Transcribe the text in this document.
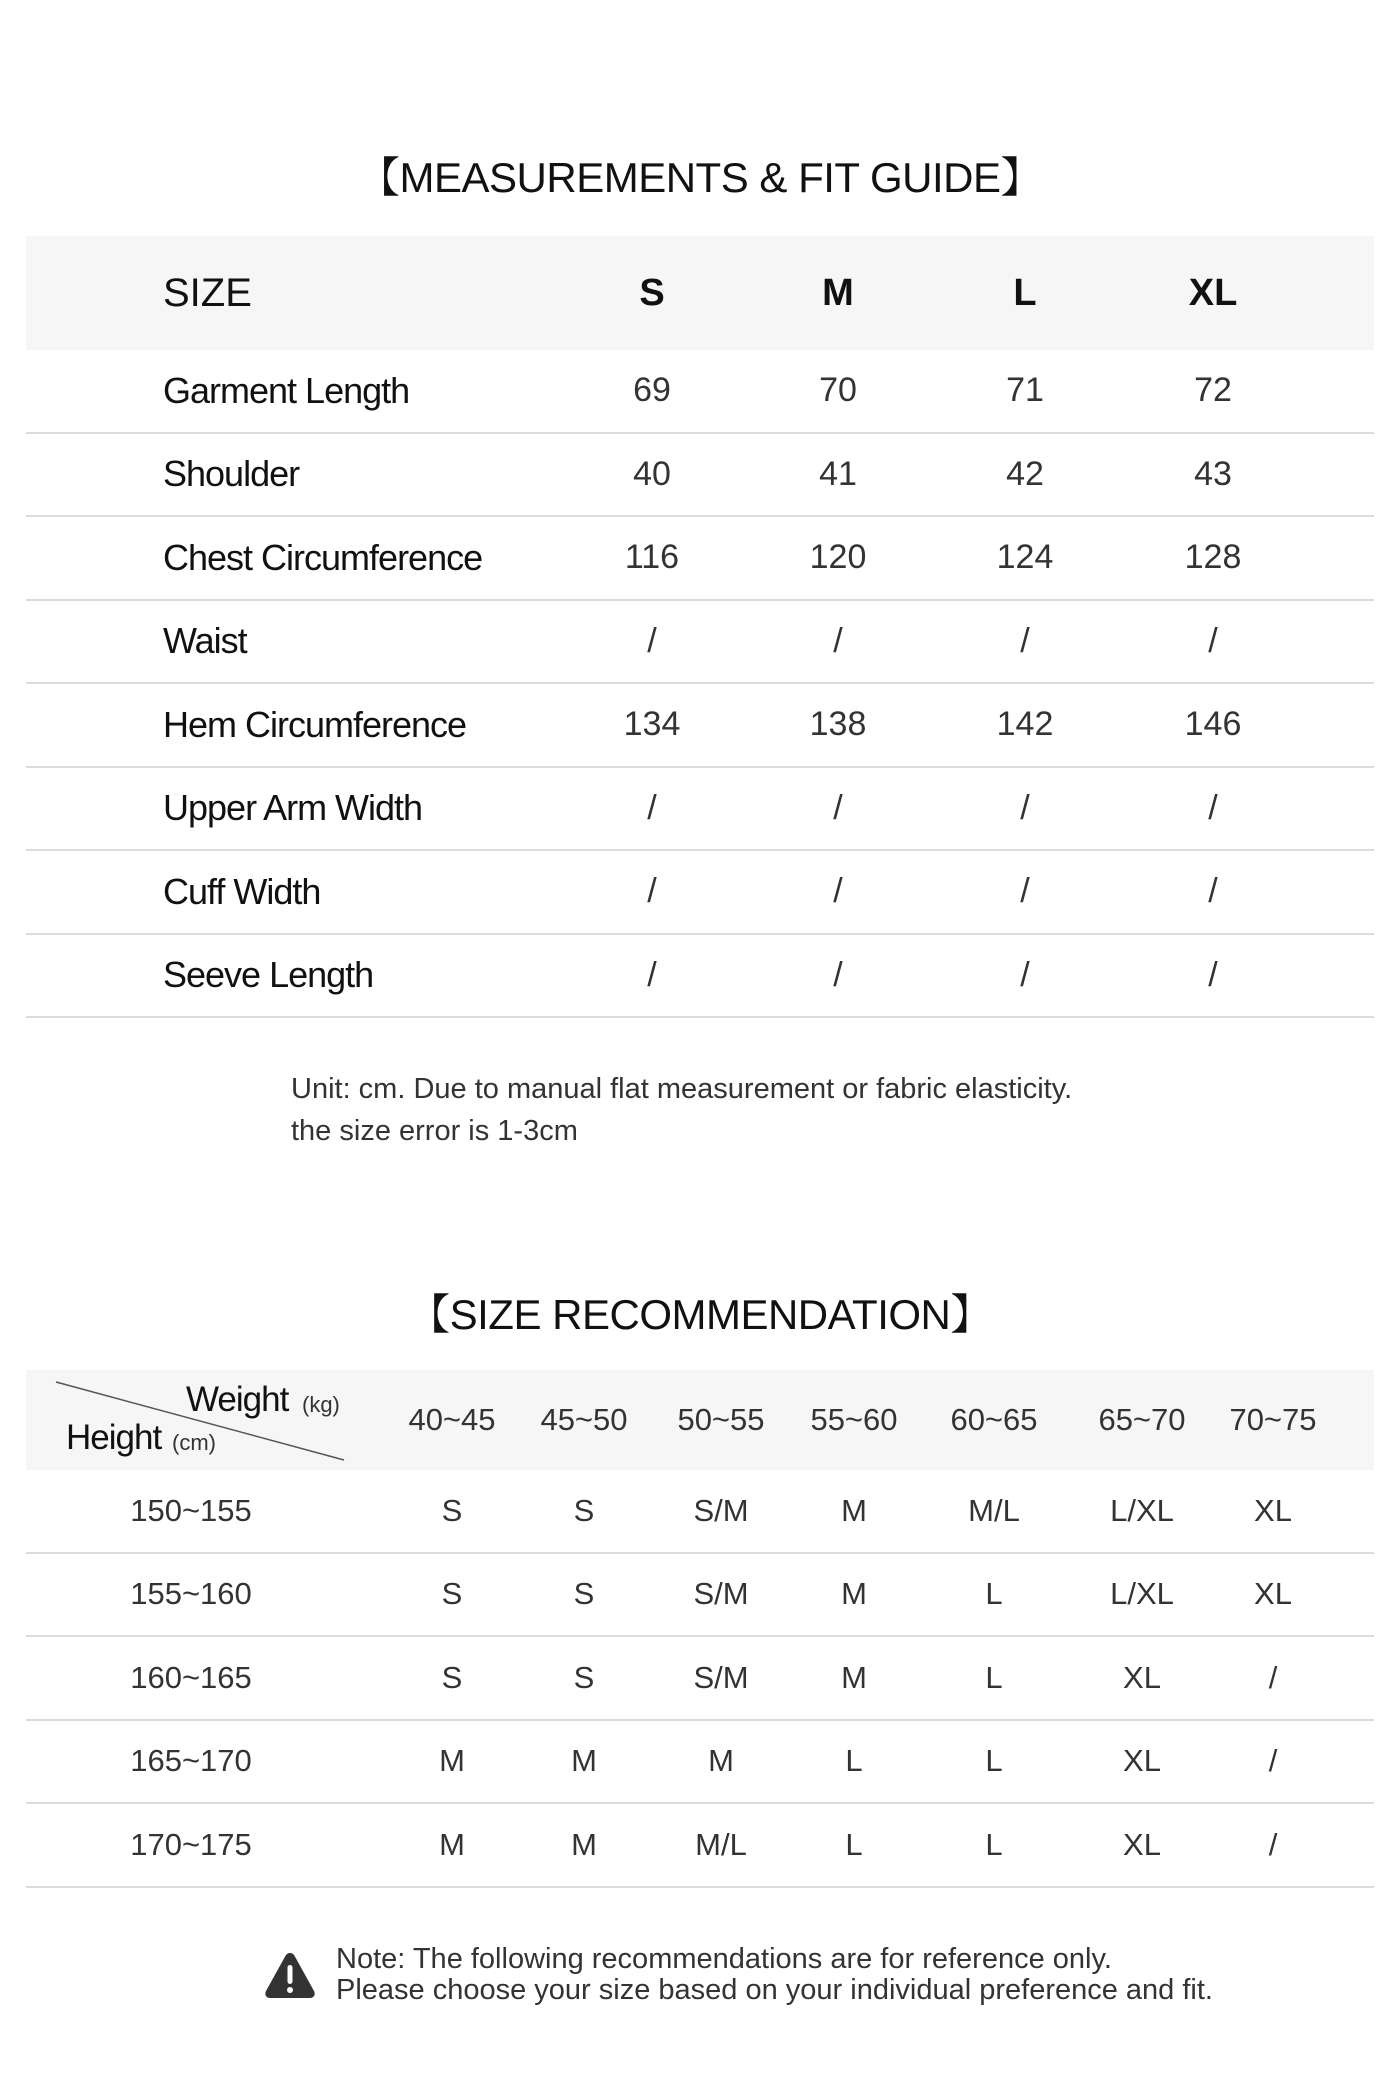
【MEASUREMENTS & FIT GUIDE】
SIZE	S	M	L	XL
Garment Length	69	70	71	72
Shoulder	40	41	42	43
Chest Circumference	116	120	124	128
Waist	/	/	/	/
Hem Circumference	134	138	142	146
Upper Arm Width	/	/	/	/
Cuff Width	/	/	/	/
Seeve Length	/	/	/	/
Unit: cm. Due to manual flat measurement or fabric elasticity.
the size error is 1-3cm
【SIZE RECOMMENDATION】
Weight (kg)
Height (cm)
40~45	45~50	50~55	55~60	60~65	65~70	70~75
150~155	S	S	S/M	M	M/L	L/XL	XL
155~160	S	S	S/M	M	L	L/XL	XL
160~165	S	S	S/M	M	L	XL	/
165~170	M	M	M	L	L	XL	/
170~175	M	M	M/L	L	L	XL	/
Note: The following recommendations are for reference only.
Please choose your size based on your individual preference and fit.
